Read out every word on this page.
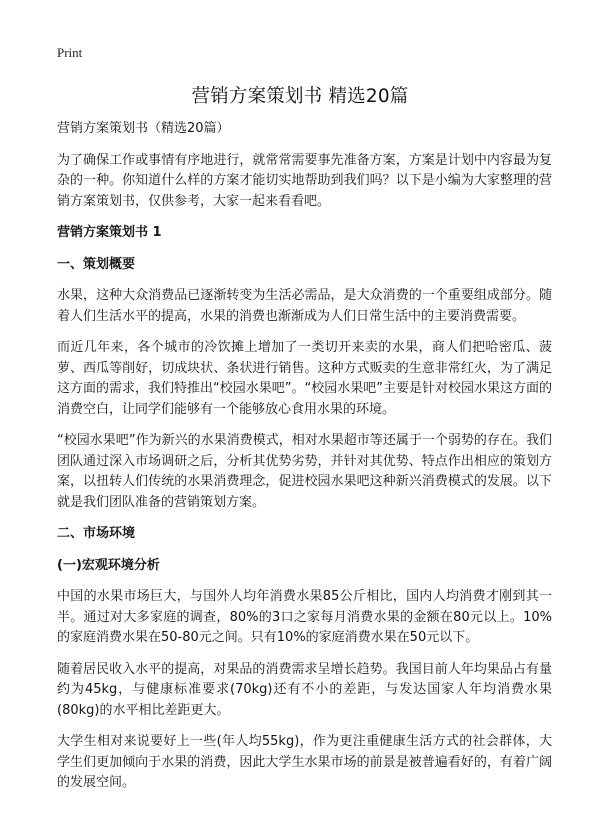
Print
营销方案策划书 精选20篇

营销方案策划书（精选20篇）

为了确保工作或事情有序地进行，就常常需要事先准备方案，方案是计划中内容最为复杂的一种。你知道什么样的方案才能切实地帮助到我们吗？以下是小编为大家整理的营销方案策划书，仅供参考，大家一起来看看吧。

营销方案策划书 1
一、策划概要

水果，这种大众消费品已逐渐转变为生活必需品，是大众消费的一个重要组成部分。随着人们生活水平的提高，水果的消费也渐渐成为人们日常生活中的主要消费需要。

而近几年来，各个城市的冷饮摊上增加了一类切开来卖的水果，商人们把哈密瓜、菠萝、西瓜等削好，切成块状、条状进行销售。这种方式贩卖的生意非常红火，为了满足这方面的需求，我们特推出“校园水果吧”。“校园水果吧”主要是针对校园水果这方面的消费空白，让同学们能够有一个能够放心食用水果的环境。

“校园水果吧”作为新兴的水果消费模式，相对水果超市等还属于一个弱势的存在。我们团队通过深入市场调研之后，分析其优势劣势，并针对其优势、特点作出相应的策划方案，以扭转人们传统的水果消费理念，促进校园水果吧这种新兴消费模式的发展。以下就是我们团队准备的营销策划方案。

二、市场环境
(一)宏观环境分析

中国的水果市场巨大，与国外人均年消费水果85公斤相比，国内人均消费才刚到其一半。通过对大多家庭的调查，80%的3口之家每月消费水果的金额在80元以上。10%的家庭消费水果在50-80元之间。只有10%的家庭消费水果在50元以下。

随着居民收入水平的提高，对果品的消费需求呈增长趋势。我国目前人年均果品占有量约为45kg，与健康标准要求(70kg)还有不小的差距，与发达国家人年均消费水果(80kg)的水平相比差距更大。

大学生相对来说要好上一些(年人均55kg)，作为更注重健康生活方式的社会群体，大学生们更加倾向于水果的消费，因此大学生水果市场的前景是被普遍看好的，有着广阔的发展空间。
